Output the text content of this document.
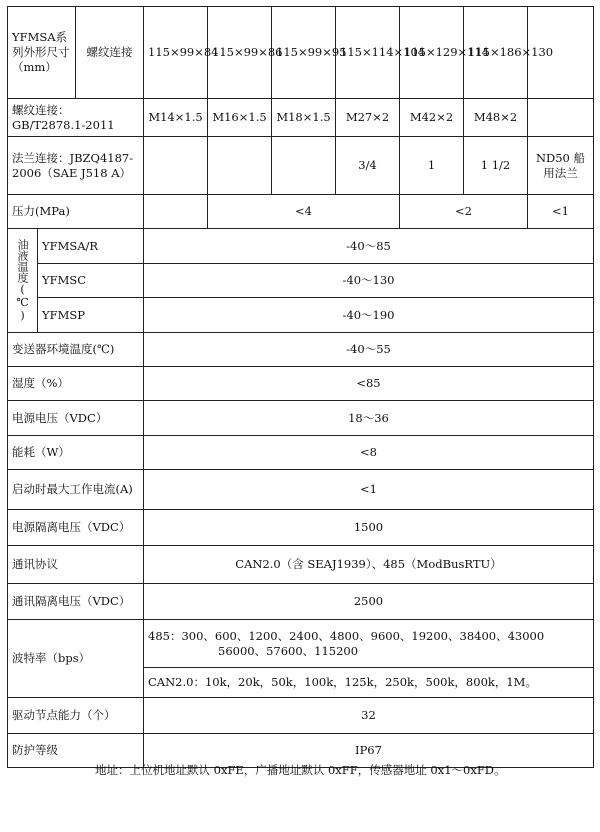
YFMSA系列外形尺寸（mm）		螺纹连接	115×99×84	115×99×86	115×99×95	115×114×104	115×129×114	115×186×130	
螺纹连接：GB/T2878.1-2011			M14×1.5	M16×1.5	M18×1.5	M27×2	M42×2	M48×2	
法兰连接：JBZQ4187-2006（SAE J518 A）						3/4	1	1 1/2	ND50 船用法兰
压力(MPa)				<4			<2		<1

油液温度(℃)	YFMSA/R		-40～85						
	YFMSC		-40～130						
	YFMSP		-40～190						
变送器环境温度(℃)			-40～55						
湿度（%）			<85						
电源电压（VDC）			18～36						
能耗（W）			<8						
启动时最大工作电流(A)			<1						
电源隔离电压（VDC）			1500						
通讯协议			CAN2.0（含 SEAJ1939）、485（ModBusRTU）						
通讯隔离电压（VDC）			2500						
波特率（bps）			485：300、600、1200、2400、4800、9600、19200、38400、43000
56000、57600、115200						

			CAN2.0：10k，20k，50k，100k，125k，250k，500k，800k，1M。						
驱动节点能力（个）			32						
防护等级			IP67						
地址：上位机地址默认 0xFE，广播地址默认 0xFF，传感器地址 0x1～0xFD。
